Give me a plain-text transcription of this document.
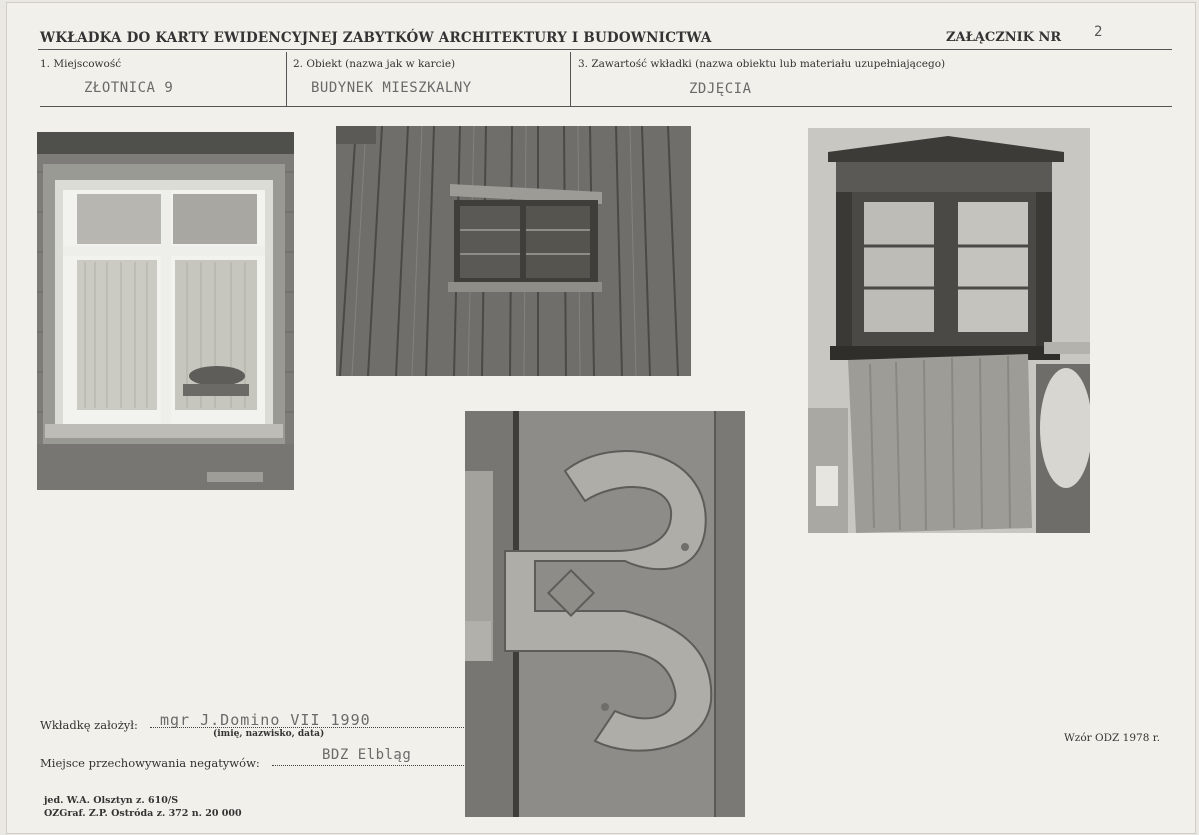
WKŁADKA DO KARTY EWIDENCYJNEJ ZABYTKÓW ARCHITEKTURY I BUDOWNICTWA	ZAŁĄCZNIK NR 2
1. Miejscowość	2. Obiekt (nazwa jak w karcie)	3. Zawartość wkładki (nazwa obiektu lub materiału uzupełniającego)
ZŁOTNICA 9	BUDYNEK MIESZKALNY	ZDJĘCIA
Wkładkę założył: mgr J.Domino VII 1990
(imię, nazwisko, data)
Miejsce przechowywania negatywów:	BDZ Elbląg
Wzór ODZ 1978 r.
jed. W.A. Olsztyn z. 610/S
OZGraf. Z.P. Ostróda z. 372 n. 20 000
